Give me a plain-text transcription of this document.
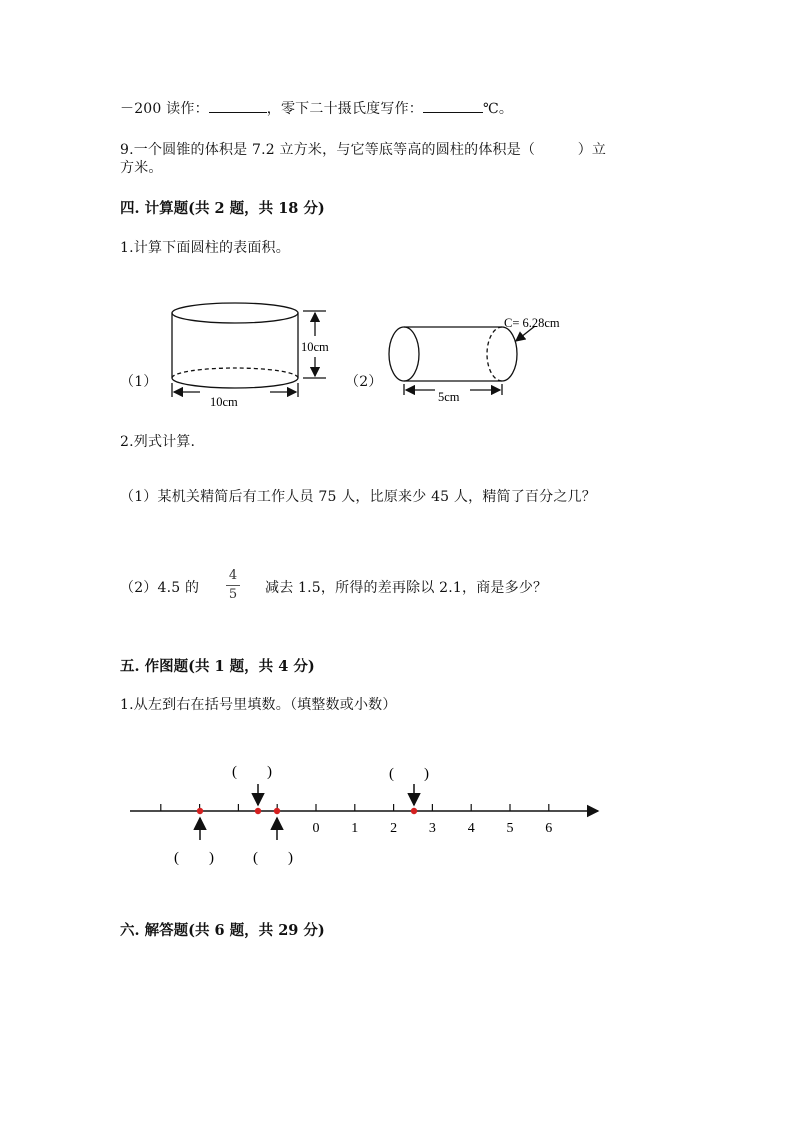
－200 读作：	，零下二十摄氏度写作：	℃。
9.一个圆锥的体积是 7.2 立方米，与它等底等高的圆柱的体积是（　　　）立
方米。
四. 计算题(共 2 题，共 18 分)
1.计算下面圆柱的表面积。
（1）	（2）
10cm
10cm
C= 6.28cm
5cm
2.列式计算.
（1）某机关精简后有工作人员 75 人，比原来少 45 人，精简了百分之几？
（2）4.5 的
4
5 减去 1.5，所得的差再除以 2.1，商是多少？
五. 作图题(共 1 题，共 4 分)
1.从左到右在括号里填数。（填整数或小数）
0 1 2 3 4 5 6
(　　)	(　　)
(　　)	(　　)
六. 解答题(共 6 题，共 29 分)
